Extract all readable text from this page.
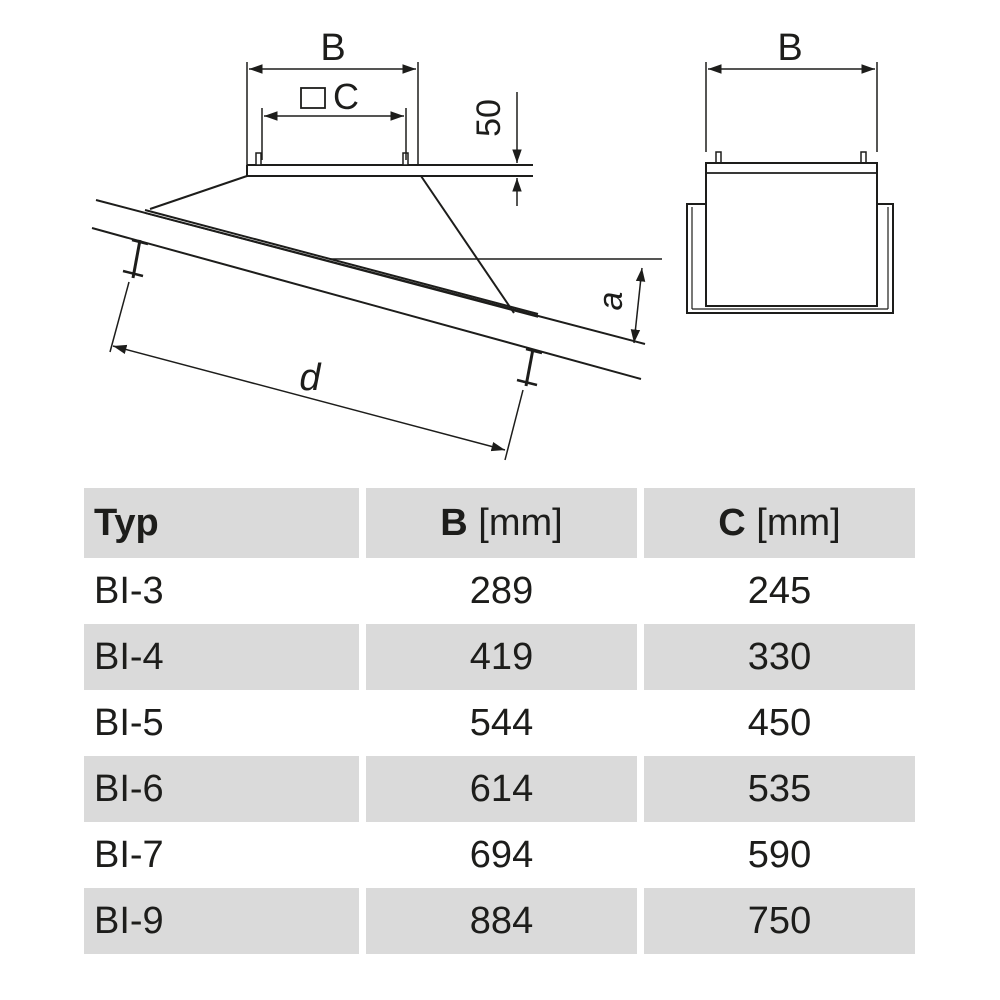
B
C
50
a
d
B
Typ	B [mm]	C [mm]
BI-3	289	245
BI-4	419	330
BI-5	544	450
BI-6	614	535
BI-7	694	590
BI-9	884	750
